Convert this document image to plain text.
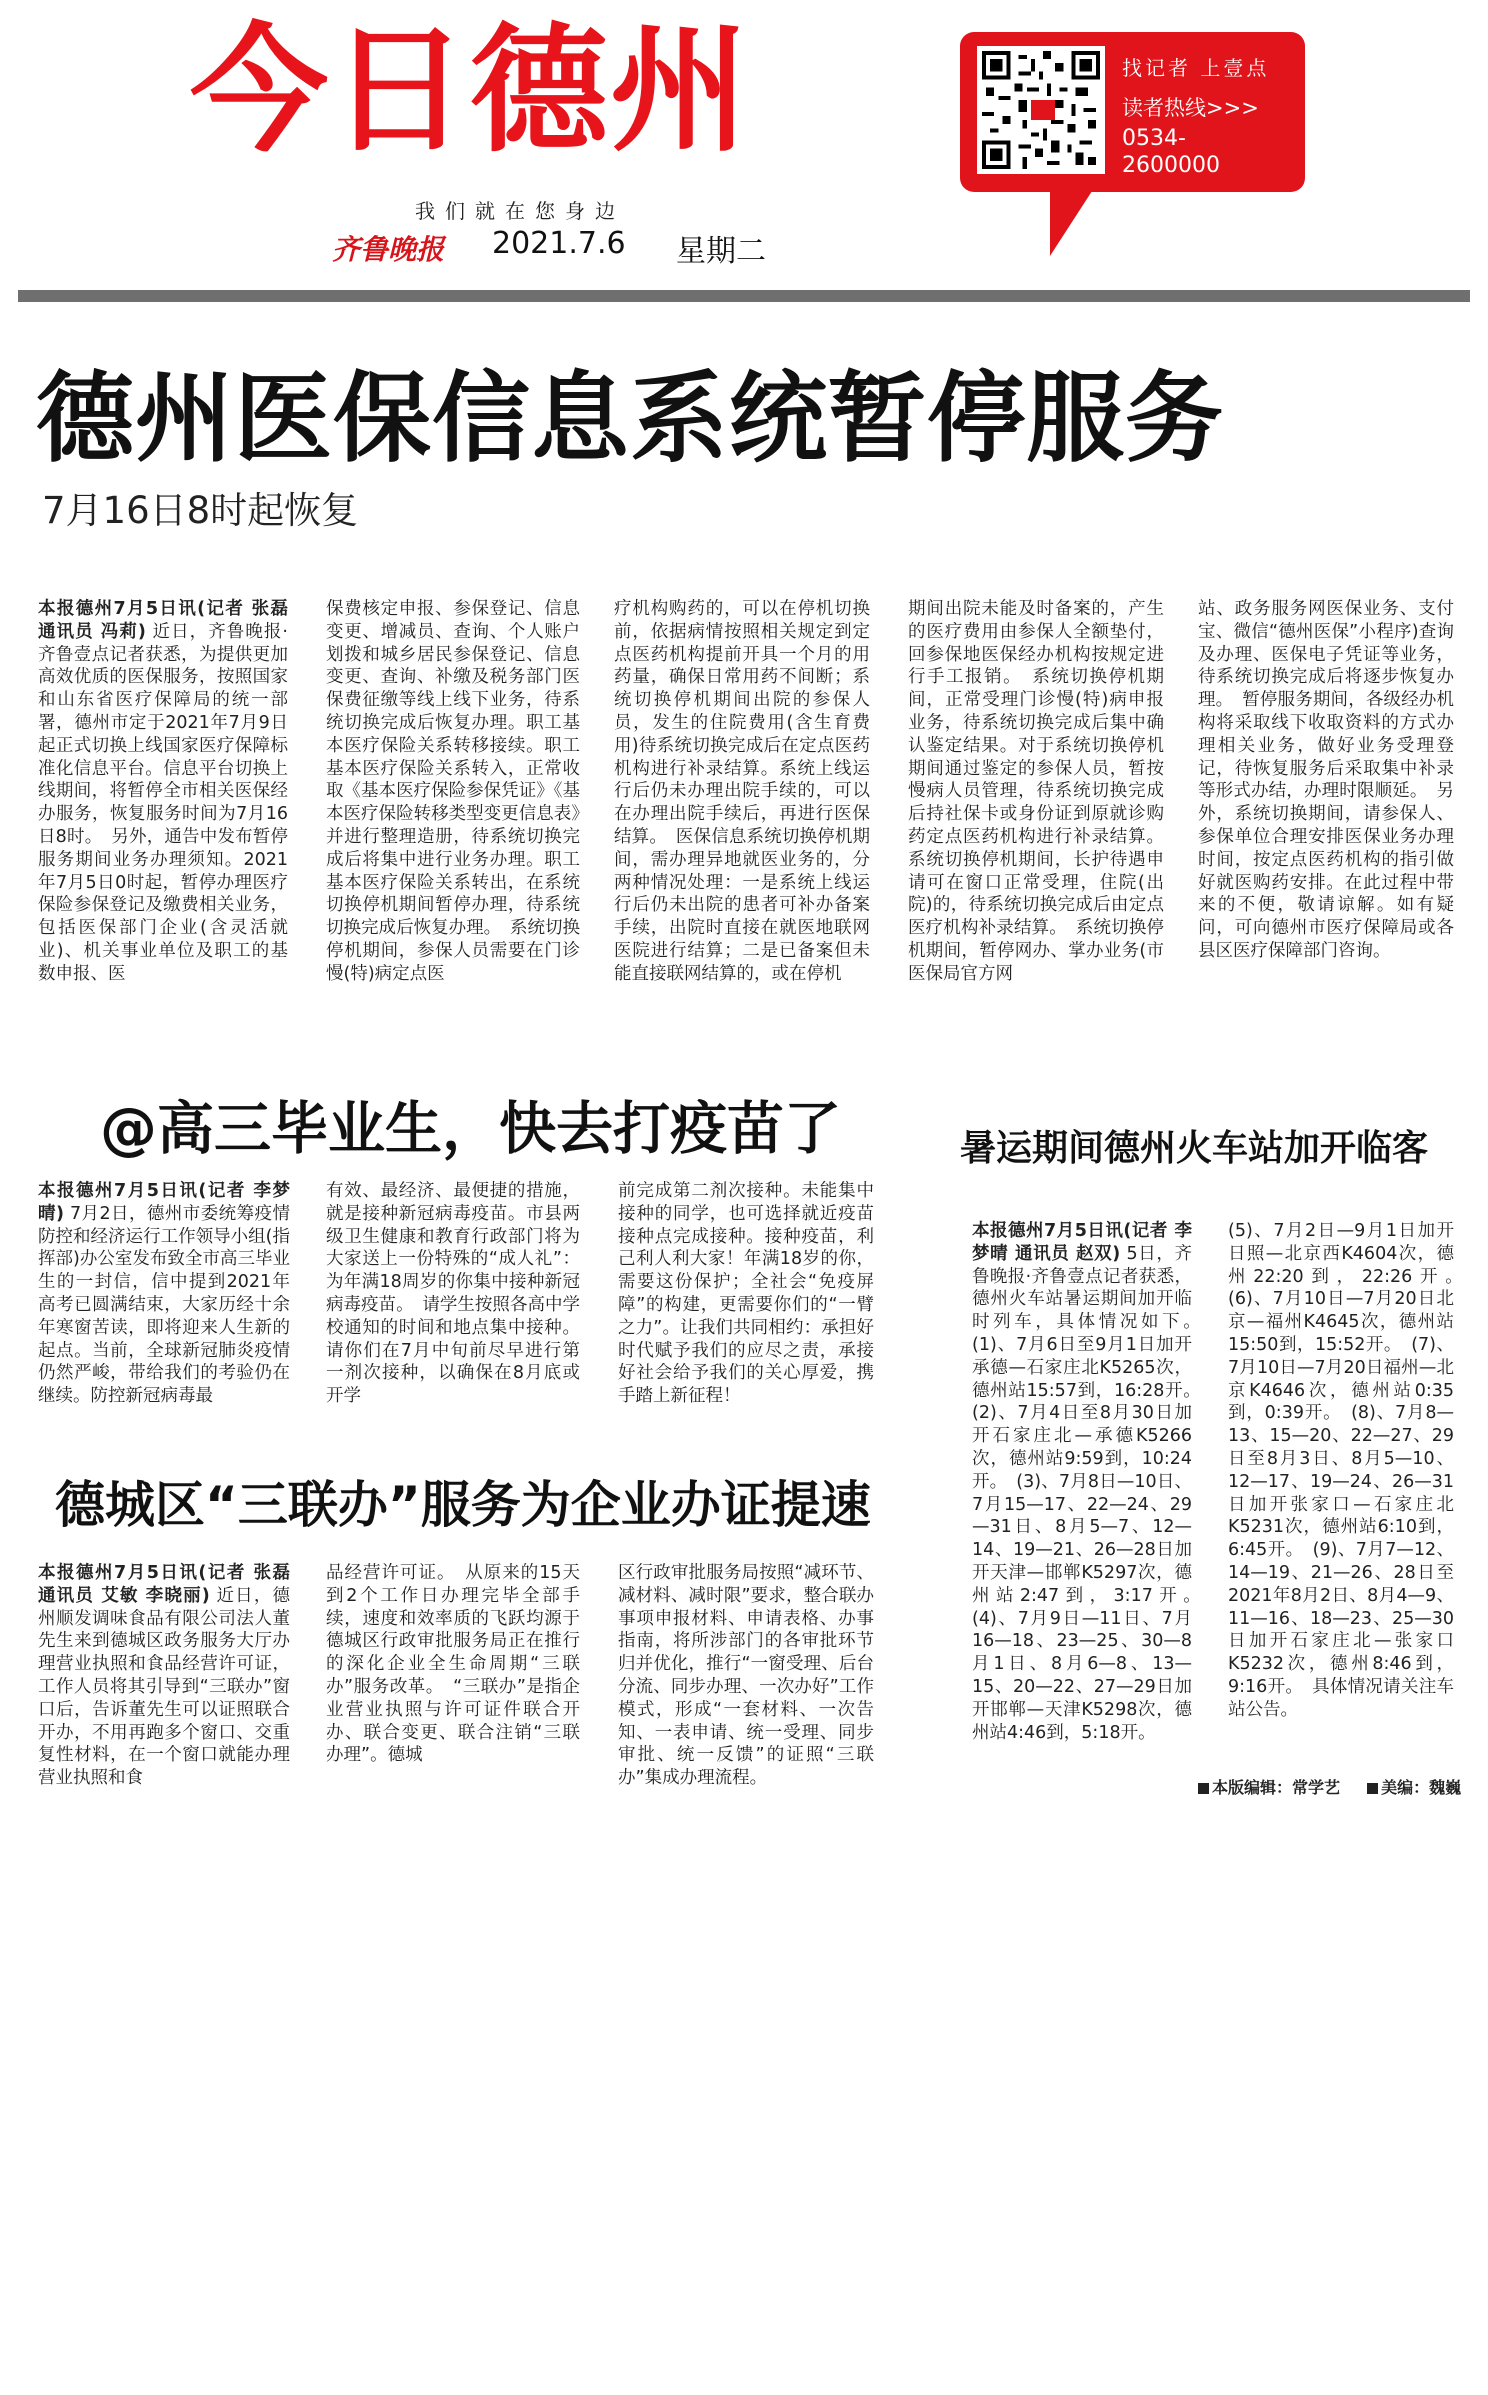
今日德州
我们就在您身边
齐鲁晚报 2021.7.6 星期二
找记者 上壹点
读者热线>>>
0534-
2600000
德州医保信息系统暂停服务
7月16日8时起恢复
本报德州7月5日讯(记者 张磊 通讯员 冯莉) 近日，齐鲁晚报·齐鲁壹点记者获悉，为提供更加高效优质的医保服务，按照国家和山东省医疗保障局的统一部署，德州市定于2021年7月9日起正式切换上线国家医疗保障标准化信息平台。信息平台切换上线期间，将暂停全市相关医保经办服务，恢复服务时间为7月16日8时。　另外，通告中发布暂停服务期间业务办理须知。2021年7月5日0时起，暂停办理医疗保险参保登记及缴费相关业务，包括医保部门企业(含灵活就业)、机关事业单位及职工的基数申报、医
保费核定申报、参保登记、信息变更、增减员、查询、个人账户划拨和城乡居民参保登记、信息变更、查询、补缴及税务部门医保费征缴等线上线下业务，待系统切换完成后恢复办理。职工基本医疗保险关系转移接续。职工基本医疗保险关系转入，正常收取《基本医疗保险参保凭证》《基本医疗保险转移类型变更信息表》并进行整理造册，待系统切换完成后将集中进行业务办理。职工基本医疗保险关系转出，在系统切换停机期间暂停办理，待系统切换完成后恢复办理。　系统切换停机期间，参保人员需要在门诊慢(特)病定点医
疗机构购药的，可以在停机切换前，依据病情按照相关规定到定点医药机构提前开具一个月的用药量，确保日常用药不间断；系统切换停机期间出院的参保人员，发生的住院费用(含生育费用)待系统切换完成后在定点医药机构进行补录结算。系统上线运行后仍未办理出院手续的，可以在办理出院手续后，再进行医保结算。　医保信息系统切换停机期间，需办理异地就医业务的，分两种情况处理：一是系统上线运行后仍未出院的患者可补办备案手续，出院时直接在就医地联网医院进行结算；二是已备案但未能直接联网结算的，或在停机
期间出院未能及时备案的，产生的医疗费用由参保人全额垫付，回参保地医保经办机构按规定进行手工报销。　系统切换停机期间，正常受理门诊慢(特)病申报业务，待系统切换完成后集中确认鉴定结果。对于系统切换停机期间通过鉴定的参保人员，暂按慢病人员管理，待系统切换完成后持社保卡或身份证到原就诊购药定点医药机构进行补录结算。系统切换停机期间，长护待遇申请可在窗口正常受理，住院(出院)的，待系统切换完成后由定点医疗机构补录结算。　系统切换停机期间，暂停网办、掌办业务(市医保局官方网
站、政务服务网医保业务、支付宝、微信“德州医保”小程序)查询及办理、医保电子凭证等业务，待系统切换完成后将逐步恢复办理。　暂停服务期间，各级经办机构将采取线下收取资料的方式办理相关业务，做好业务受理登记，待恢复服务后采取集中补录等形式办结，办理时限顺延。　另外，系统切换期间，请参保人、参保单位合理安排医保业务办理时间，按定点医药机构的指引做好就医购药安排。在此过程中带来的不便，敬请谅解。如有疑问，可向德州市医疗保障局或各县区医疗保障部门咨询。
@高三毕业生，快去打疫苗了
本报德州7月5日讯(记者 李梦晴) 7月2日，德州市委统筹疫情防控和经济运行工作领导小组(指挥部)办公室发布致全市高三毕业生的一封信，信中提到2021年高考已圆满结束，大家历经十余年寒窗苦读，即将迎来人生新的起点。当前，全球新冠肺炎疫情仍然严峻，带给我们的考验仍在继续。防控新冠病毒最
有效、最经济、最便捷的措施，就是接种新冠病毒疫苗。市县两级卫生健康和教育行政部门将为大家送上一份特殊的“成人礼”：为年满18周岁的你集中接种新冠病毒疫苗。　请学生按照各高中学校通知的时间和地点集中接种。请你们在7月中旬前尽早进行第一剂次接种，以确保在8月底或开学
前完成第二剂次接种。未能集中接种的同学，也可选择就近疫苗接种点完成接种。接种疫苗，利己利人利大家！年满18岁的你，需要这份保护；全社会“免疫屏障”的构建，更需要你们的“一臂之力”。让我们共同相约：承担好时代赋予我们的应尽之责，承接好社会给予我们的关心厚爱，携手踏上新征程！
暑运期间德州火车站加开临客
本报德州7月5日讯(记者 李梦晴 通讯员 赵双) 5日，齐鲁晚报·齐鲁壹点记者获悉，德州火车站暑运期间加开临时列车，具体情况如下。　(1)、7月6日至9月1日加开承德—石家庄北K5265次，德州站15:57到，16:28开。　(2)、7月4日至8月30日加开石家庄北—承德K5266次，德州站9:59到，10:24开。　(3)、7月8日—10日、7月15—17、22—24、29—31日、8月5—7、12—14、19—21、26—28日加开天津—邯郸K5297次，德州站2:47到，3:17开。　(4)、7月9日—11日、7月16—18、23—25、30—8月1日、8月6—8、13—15、20—22、27—29日加开邯郸—天津K5298次，德州站4:46到，5:18开。
(5)、7月2日—9月1日加开日照—北京西K4604次，德州22:20到，22:26开。　(6)、7月10日—7月20日北京—福州K4645次，德州站15:50到，15:52开。　(7)、7月10日—7月20日福州—北京K4646次，德州站0:35到，0:39开。　(8)、7月8—13、15—20、22—27、29日至8月3日、8月5—10、12—17、19—24、26—31日加开张家口—石家庄北K5231次，德州站6:10到，6:45开。　(9)、7月7—12、14—19、21—26、28日至2021年8月2日、8月4—9、11—16、18—23、25—30日加开石家庄北—张家口K5232次，德州8:46到，9:16开。　具体情况请关注车站公告。
本版编辑：常学艺	美编：魏巍
德城区“三联办”服务为企业办证提速
本报德州7月5日讯(记者 张磊 通讯员 艾敏 李晓丽) 近日，德州顺发调味食品有限公司法人董先生来到德城区政务服务大厅办理营业执照和食品经营许可证，工作人员将其引导到“三联办”窗口后，告诉董先生可以证照联合开办，不用再跑多个窗口、交重复性材料，在一个窗口就能办理营业执照和食
品经营许可证。　从原来的15天到2个工作日办理完毕全部手续，速度和效率质的飞跃均源于德城区行政审批服务局正在推行的深化企业全生命周期“三联办”服务改革。　“三联办”是指企业营业执照与许可证件联合开办、联合变更、联合注销“三联办理”。德城
区行政审批服务局按照“减环节、减材料、减时限”要求，整合联办事项申报材料、申请表格、办事指南，将所涉部门的各审批环节归并优化，推行“一窗受理、后台分流、同步办理、一次办好”工作模式，形成“一套材料、一次告知、一表申请、统一受理、同步审批、统一反馈”的证照“三联办”集成办理流程。
